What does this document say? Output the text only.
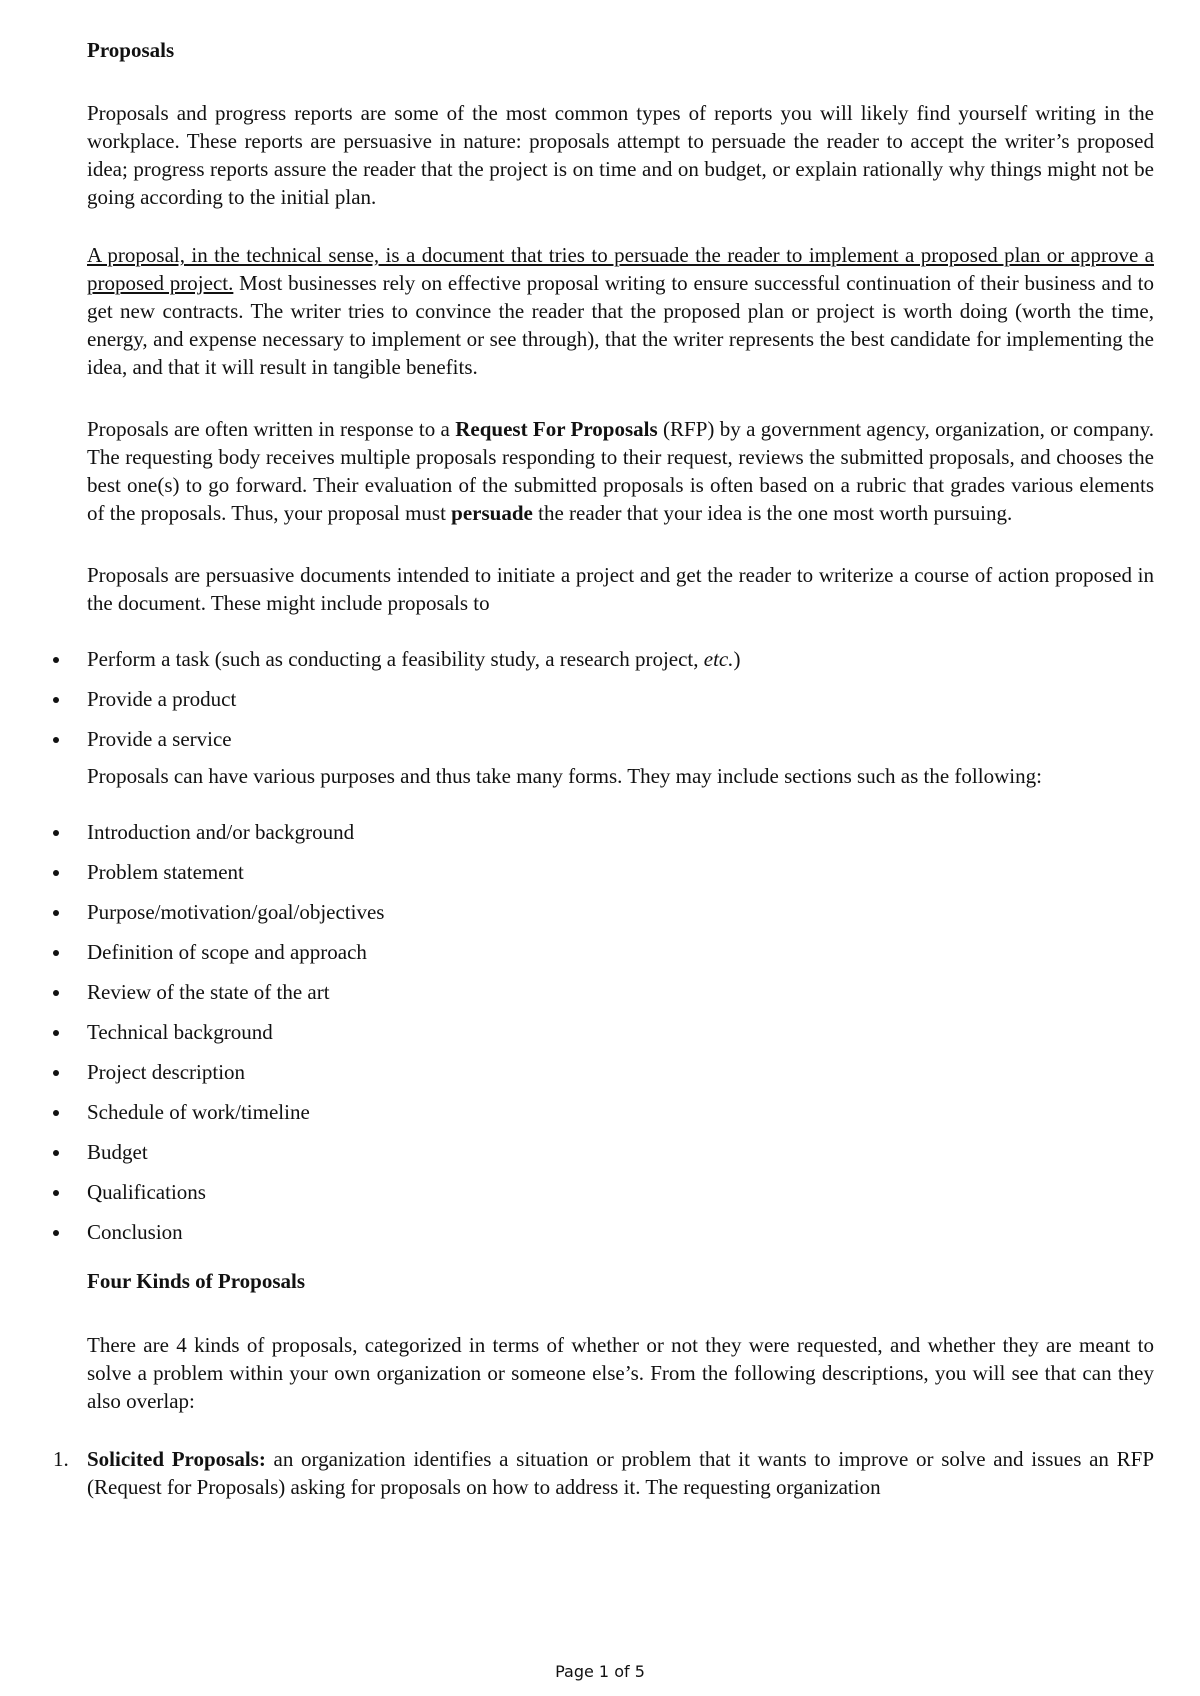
Proposals

Proposals and progress reports are some of the most common types of reports you will likely find yourself writing in the workplace. These reports are persuasive in nature: proposals attempt to persuade the reader to accept the writer’s proposed idea; progress reports assure the reader that the project is on time and on budget, or explain rationally why things might not be going according to the initial plan.

A proposal, in the technical sense, is a document that tries to persuade the reader to implement a proposed plan or approve a proposed project. Most businesses rely on effective proposal writing to ensure successful continuation of their business and to get new contracts. The writer tries to convince the reader that the proposed plan or project is worth doing (worth the time, energy, and expense necessary to implement or see through), that the writer represents the best candidate for implementing the idea, and that it will result in tangible benefits.

Proposals are often written in response to a Request For Proposals (RFP) by a government agency, organization, or company. The requesting body receives multiple proposals responding to their request, reviews the submitted proposals, and chooses the best one(s) to go forward. Their evaluation of the submitted proposals is often based on a rubric that grades various elements of the proposals. Thus, your proposal must persuade the reader that your idea is the one most worth pursuing.

Proposals are persuasive documents intended to initiate a project and get the reader to writerize a course of action proposed in the document. These might include proposals to

Perform a task (such as conducting a feasibility study, a research project, etc.)
Provide a product
Provide a service

Proposals can have various purposes and thus take many forms. They may include sections such as the following:

Introduction and/or background
Problem statement
Purpose/motivation/goal/objectives
Definition of scope and approach
Review of the state of the art
Technical background
Project description
Schedule of work/timeline
Budget
Qualifications
Conclusion
Four Kinds of Proposals

There are 4 kinds of proposals, categorized in terms of whether or not they were requested, and whether they are meant to solve a problem within your own organization or someone else’s. From the following descriptions, you will see that can they also overlap:

1. Solicited Proposals: an organization identifies a situation or problem that it wants to improve or solve and issues an RFP (Request for Proposals) asking for proposals on how to address it. The requesting organization

Page 1 of 5
